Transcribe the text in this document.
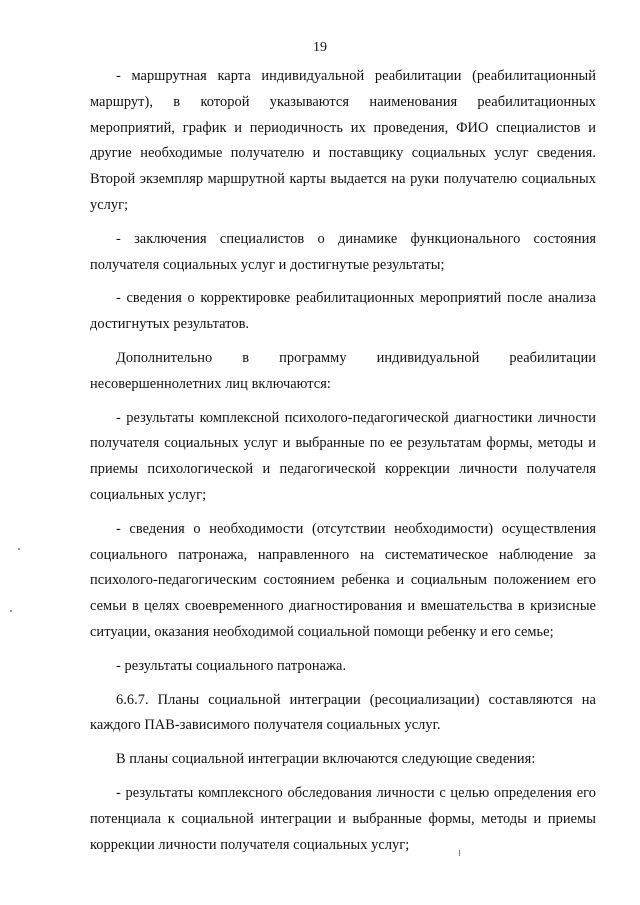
19

- маршрутная карта индивидуальной реабилитации (реабилитационный маршрут), в которой указываются наименования реабилитационных мероприятий, график и периодичность их проведения, ФИО специалистов и другие необходимые получателю и поставщику социальных услуг сведения. Второй экземпляр маршрутной карты выдается на руки получателю социальных услуг;

- заключения специалистов о динамике функционального состояния получателя социальных услуг и достигнутые результаты;

- сведения о корректировке реабилитационных мероприятий после анализа достигнутых результатов.

Дополнительно в программу индивидуальной реабилитации несовершеннолетних лиц включаются:

- результаты комплексной психолого-педагогической диагностики личности получателя социальных услуг и выбранные по ее результатам формы, методы и приемы психологической и педагогической коррекции личности получателя социальных услуг;

- сведения о необходимости (отсутствии необходимости) осуществления социального патронажа, направленного на систематическое наблюдение за психолого-педагогическим состоянием ребенка и социальным положением его семьи в целях своевременного диагностирования и вмешательства в кризисные ситуации, оказания необходимой социальной помощи ребенку и его семье;

- результаты социального патронажа.

6.6.7. Планы социальной интеграции (ресоциализации) составляются на каждого ПАВ-зависимого получателя социальных услуг.

В планы социальной интеграции включаются следующие сведения:

- результаты комплексного обследования личности с целью определения его потенциала к социальной интеграции и выбранные формы, методы и приемы коррекции личности получателя социальных услуг;
